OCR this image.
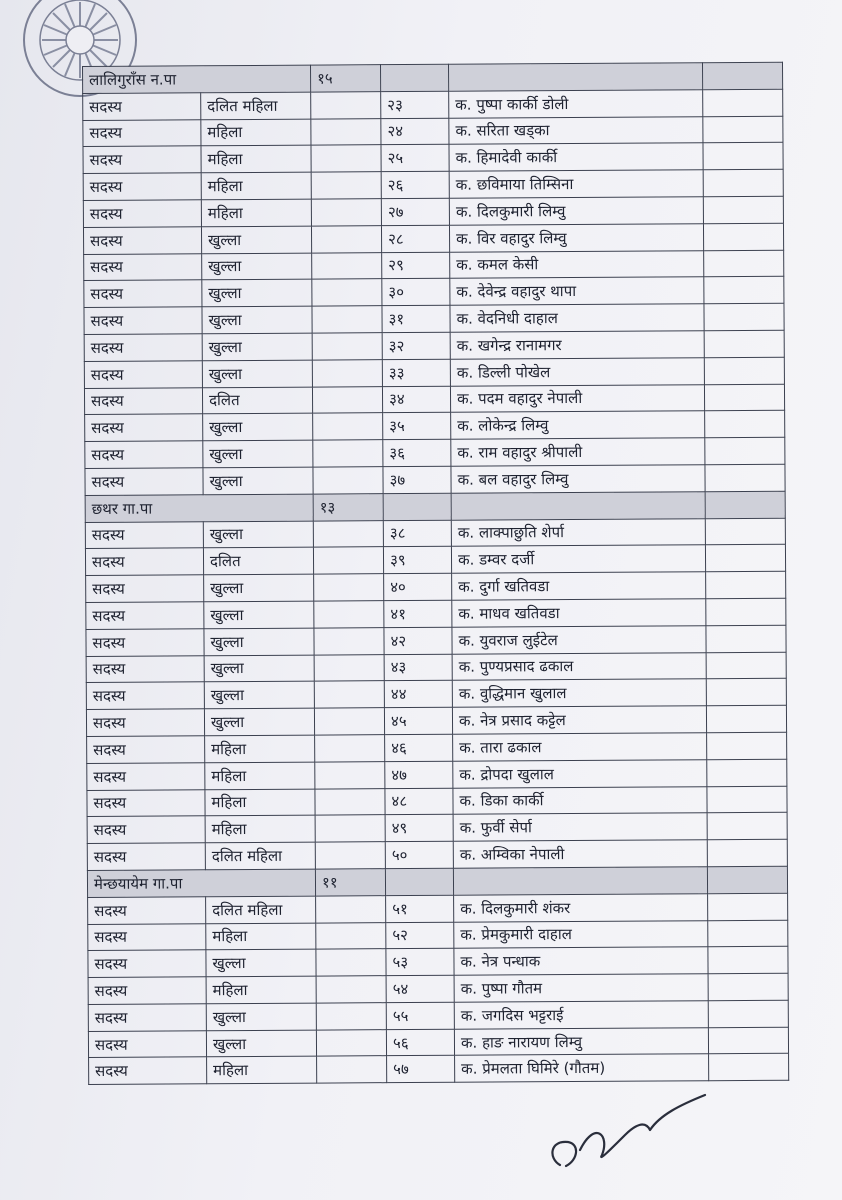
लालिगुराँस न.पा		१५			
सदस्य	दलित महिला		२३	क. पुष्पा कार्की डोली	
सदस्य	महिला		२४	क. सरिता खड्का	
सदस्य	महिला		२५	क. हिमादेवी कार्की	
सदस्य	महिला		२६	क. छविमाया तिम्सिना	
सदस्य	महिला		२७	क. दिलकुमारी लिम्वु	
सदस्य	खुल्ला		२८	क. विर वहादुर लिम्वु	
सदस्य	खुल्ला		२९	क. कमल केसी	
सदस्य	खुल्ला		३०	क. देवेन्द्र वहादुर थापा	
सदस्य	खुल्ला		३१	क. वेदनिधी दाहाल	
सदस्य	खुल्ला		३२	क. खगेन्द्र रानामगर	
सदस्य	खुल्ला		३३	क. डिल्ली पोखेल	
सदस्य	दलित		३४	क. पदम वहादुर नेपाली	
सदस्य	खुल्ला		३५	क. लोकेन्द्र लिम्वु	
सदस्य	खुल्ला		३६	क. राम वहादुर श्रीपाली	
सदस्य	खुल्ला		३७	क. बल वहादुर लिम्वु	
छथर गा.पा		१३			
सदस्य	खुल्ला		३८	क. लाक्पाछुति शेर्पा	
सदस्य	दलित		३९	क. डम्वर दर्जी	
सदस्य	खुल्ला		४०	क. दुर्गा खतिवडा	
सदस्य	खुल्ला		४१	क. माधव खतिवडा	
सदस्य	खुल्ला		४२	क. युवराज लुईटेल	
सदस्य	खुल्ला		४३	क. पुण्यप्रसाद ढकाल	
सदस्य	खुल्ला		४४	क. वुद्धिमान खुलाल	
सदस्य	खुल्ला		४५	क. नेत्र प्रसाद कट्टेल	
सदस्य	महिला		४६	क. तारा ढकाल	
सदस्य	महिला		४७	क. द्रोपदा खुलाल	
सदस्य	महिला		४८	क. डिका कार्की	
सदस्य	महिला		४९	क. फुर्वी सेर्पा	
सदस्य	दलित महिला		५०	क. अम्विका नेपाली	
मेन्छयायेम गा.पा		११			
सदस्य	दलित महिला		५१	क. दिलकुमारी शंकर	
सदस्य	महिला		५२	क. प्रेमकुमारी दाहाल	
सदस्य	खुल्ला		५३	क. नेत्र पन्धाक	
सदस्य	महिला		५४	क. पुष्पा गौतम	
सदस्य	खुल्ला		५५	क. जगदिस भट्टराई	
सदस्य	खुल्ला		५६	क. हाङ नारायण लिम्वु	
सदस्य	महिला		५७	क. प्रेमलता घिमिरे (गौतम)	
